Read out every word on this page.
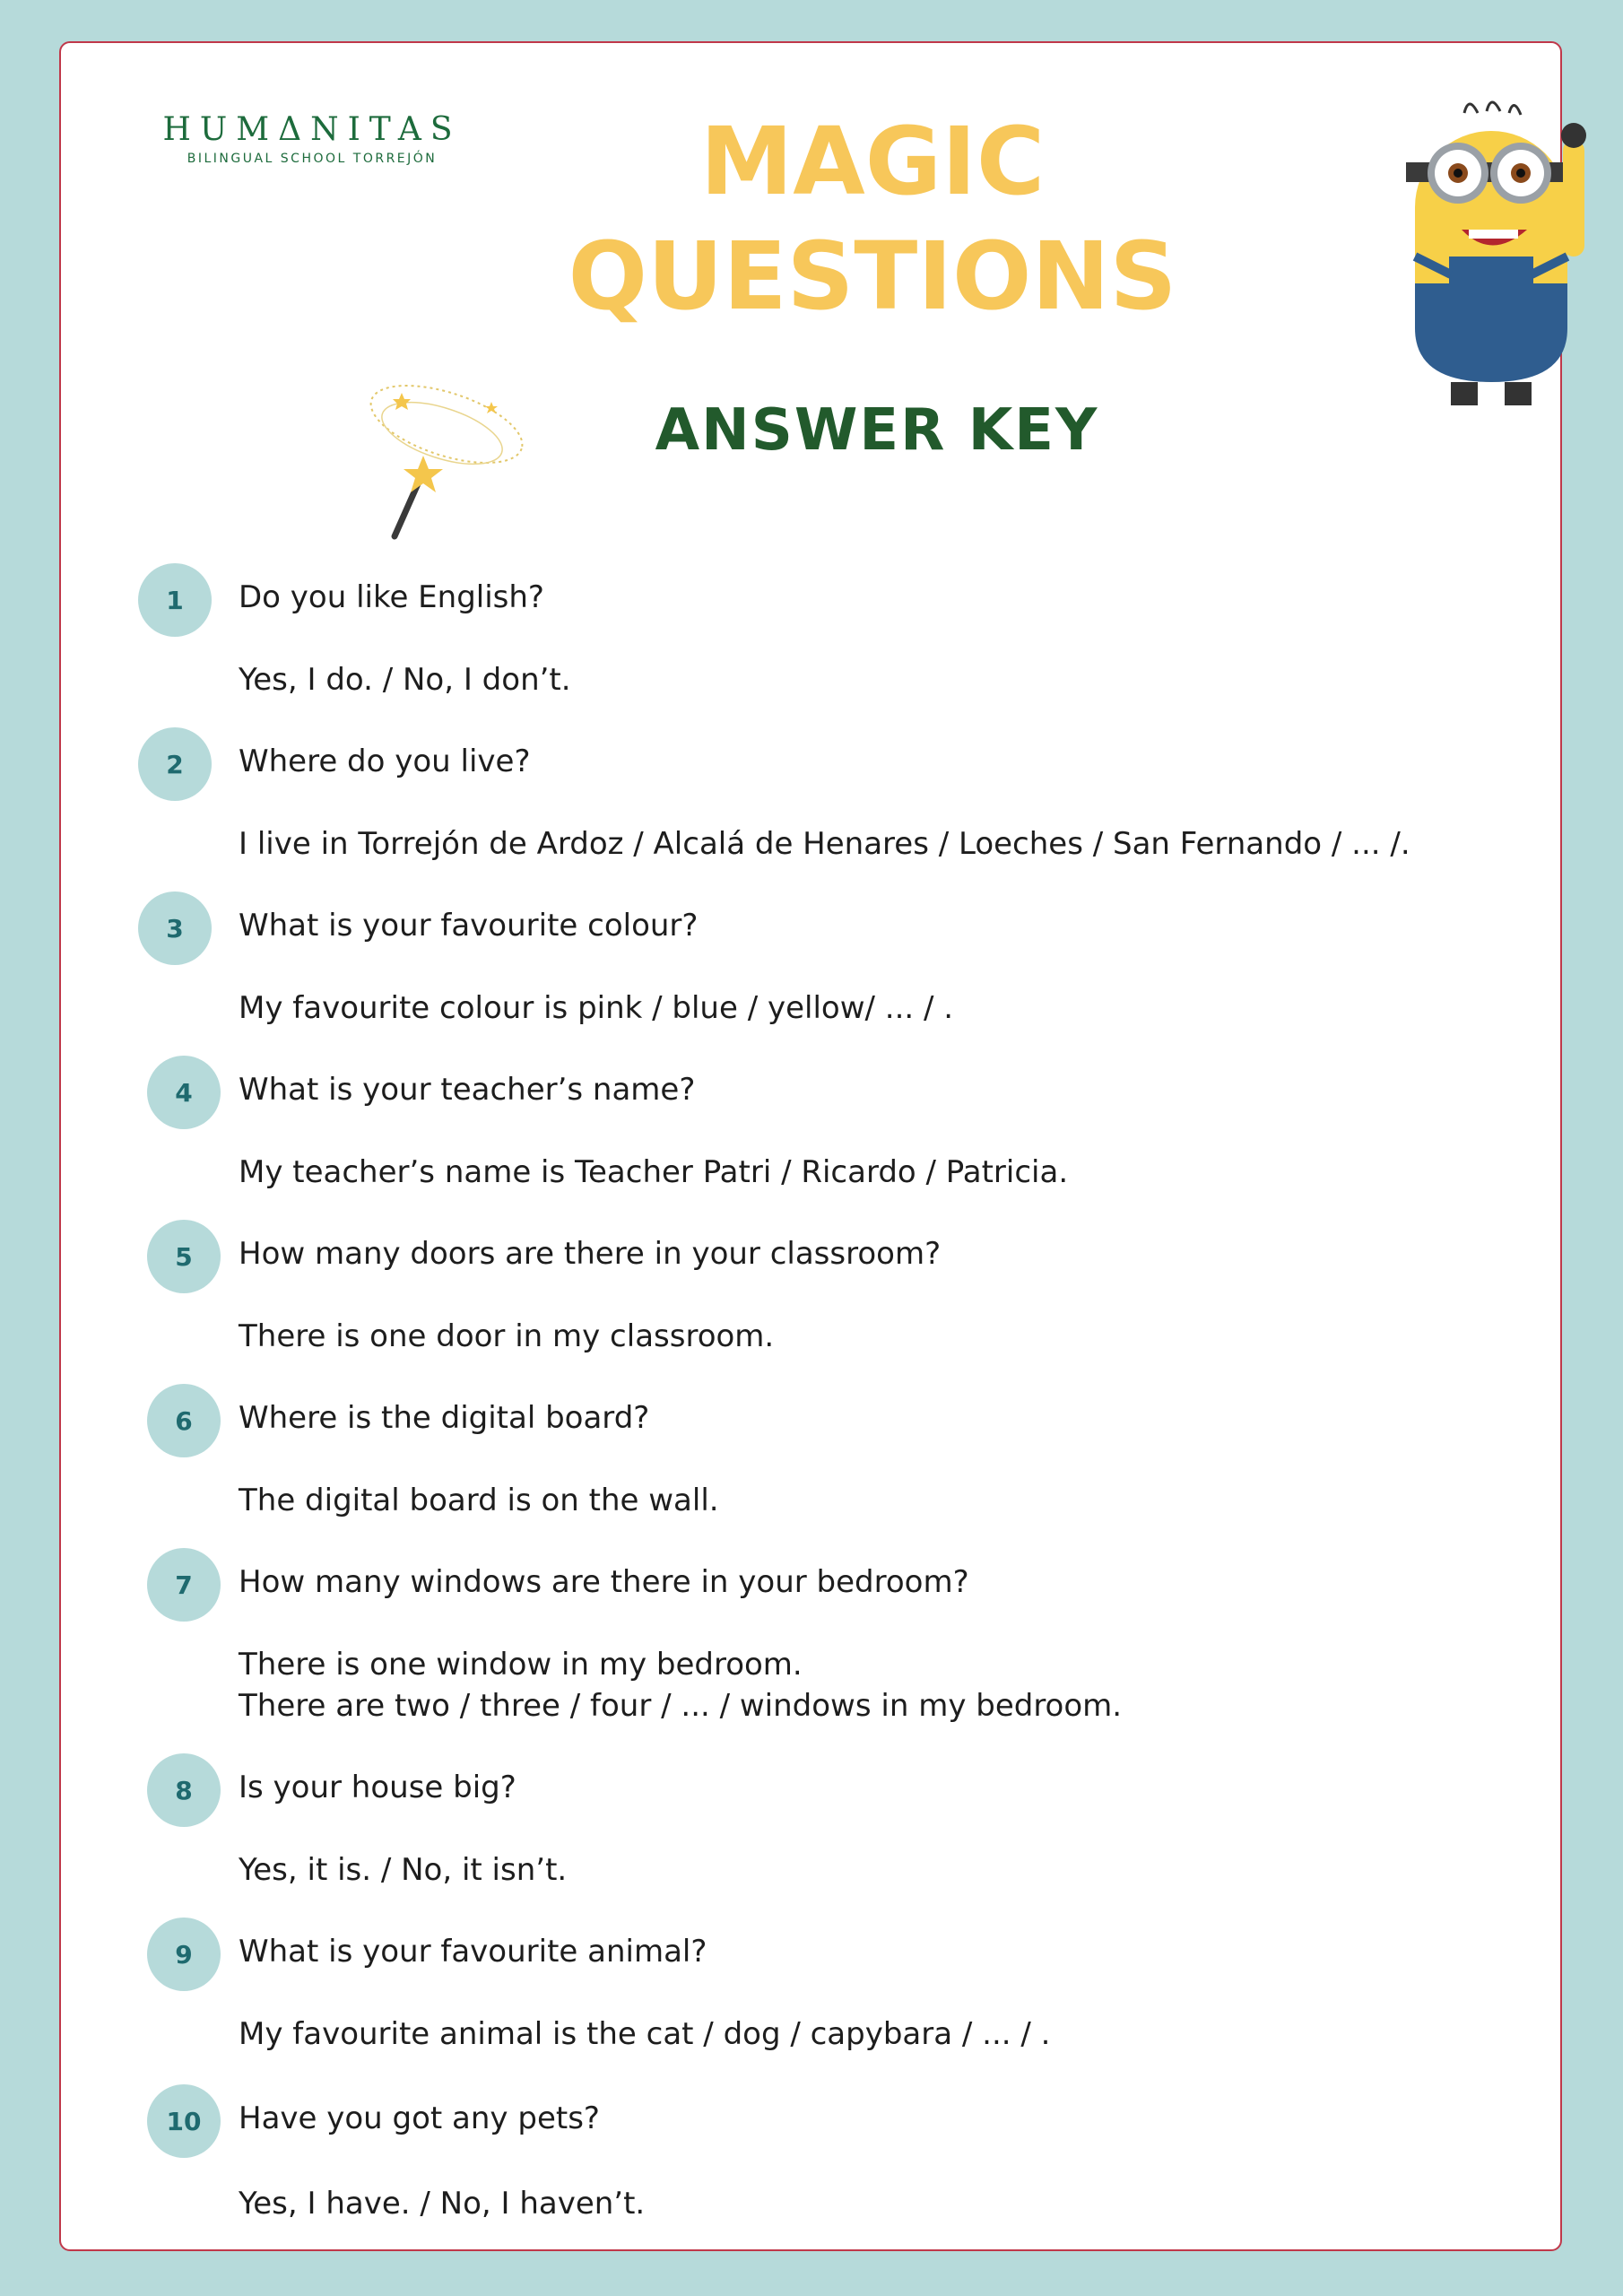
HUMΔNITAS
BILINGUAL SCHOOL TORREJÓN	MAGIC
QUESTIONS
ANSWER KEY
1	Do you like English?
Yes, I do. / No, I don’t.
2	Where do you live?
I live in Torrejón de Ardoz / Alcalá de Henares / Loeches / San Fernando / ... /.
3	What is your favourite colour?
My favourite colour is pink / blue / yellow/ ... / .
4	What is your teacher’s name?
My teacher’s name is Teacher Patri / Ricardo / Patricia.
5	How many doors are there in your classroom?
There is one door in my classroom.
6	Where is the digital board?
The digital board is on the wall.
7	How many windows are there in your bedroom?
There is one window in my bedroom.
There are two / three / four / ... / windows in my bedroom.
8	Is your house big?
Yes, it is. / No, it isn’t.
9	What is your favourite animal?
My favourite animal is the cat / dog / capybara / ... / .
10	Have you got any pets?
Yes, I have. / No, I haven’t.
